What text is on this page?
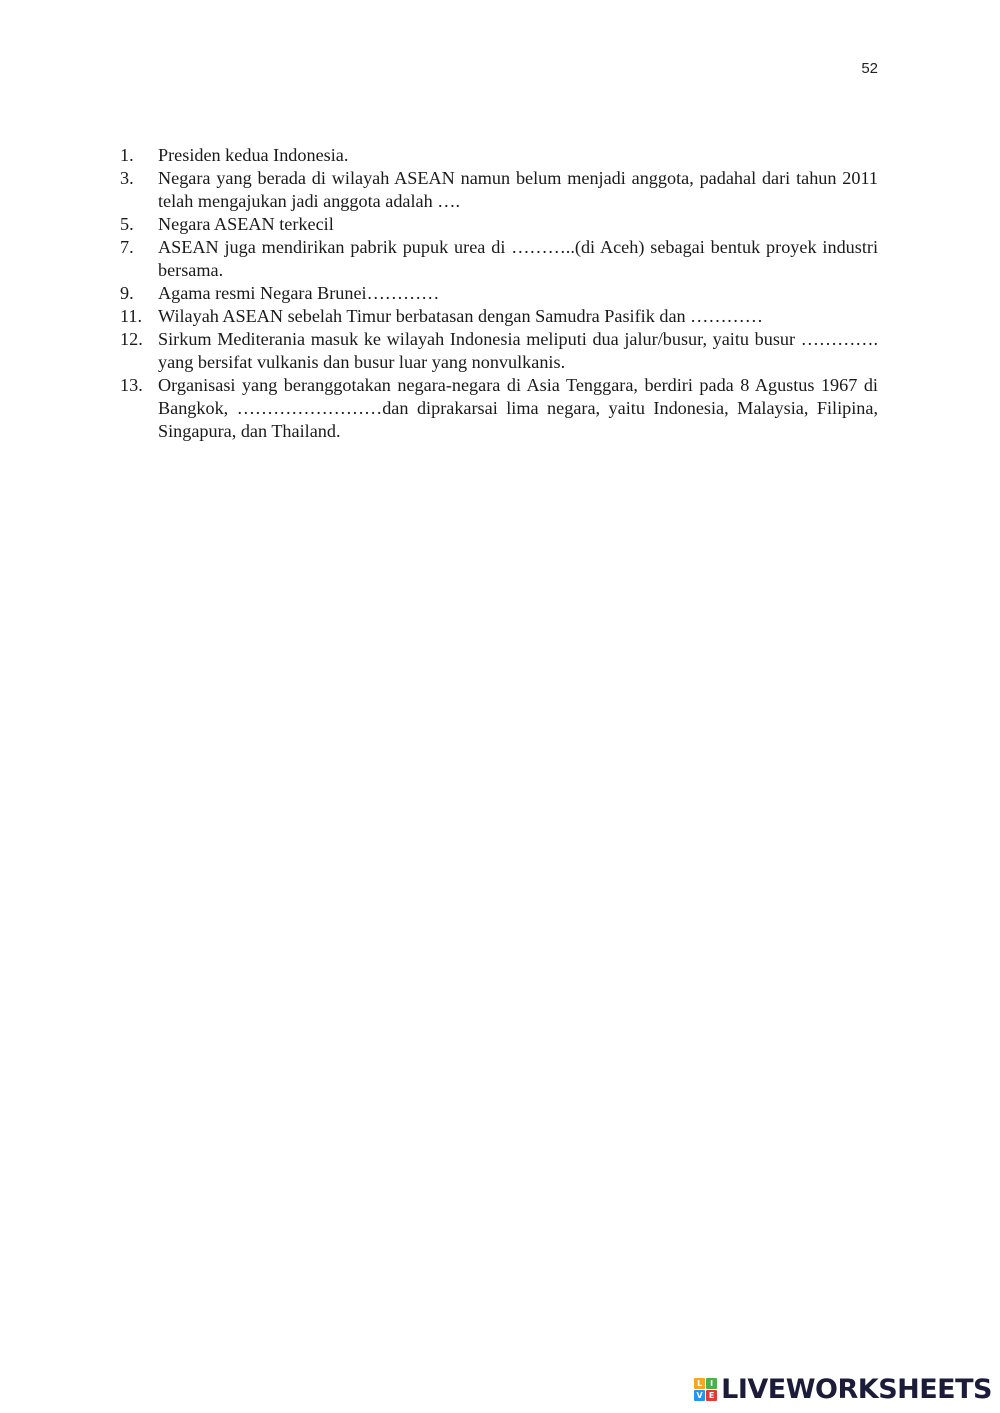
52
1.	Presiden kedua Indonesia.
3.	Negara yang berada di wilayah ASEAN namun belum menjadi anggota, padahal dari tahun 2011 telah mengajukan jadi anggota adalah ….
5.	Negara ASEAN terkecil
7.	ASEAN juga mendirikan pabrik pupuk urea di ………..(di Aceh) sebagai bentuk proyek industri bersama.
9.	Agama resmi Negara Brunei…………
11. Wilayah ASEAN sebelah Timur berbatasan dengan Samudra Pasifik dan …………
12. Sirkum Mediterania masuk ke wilayah Indonesia meliputi dua jalur/busur, yaitu busur …………. yang bersifat vulkanis dan busur luar yang nonvulkanis.
13. Organisasi yang beranggotakan negara-negara di Asia Tenggara, berdiri pada 8 Agustus 1967 di Bangkok, ……………………dan diprakarsai lima negara, yaitu Indonesia, Malaysia, Filipina, Singapura, dan Thailand.
L I
V E LIVEWORKSHEETS
